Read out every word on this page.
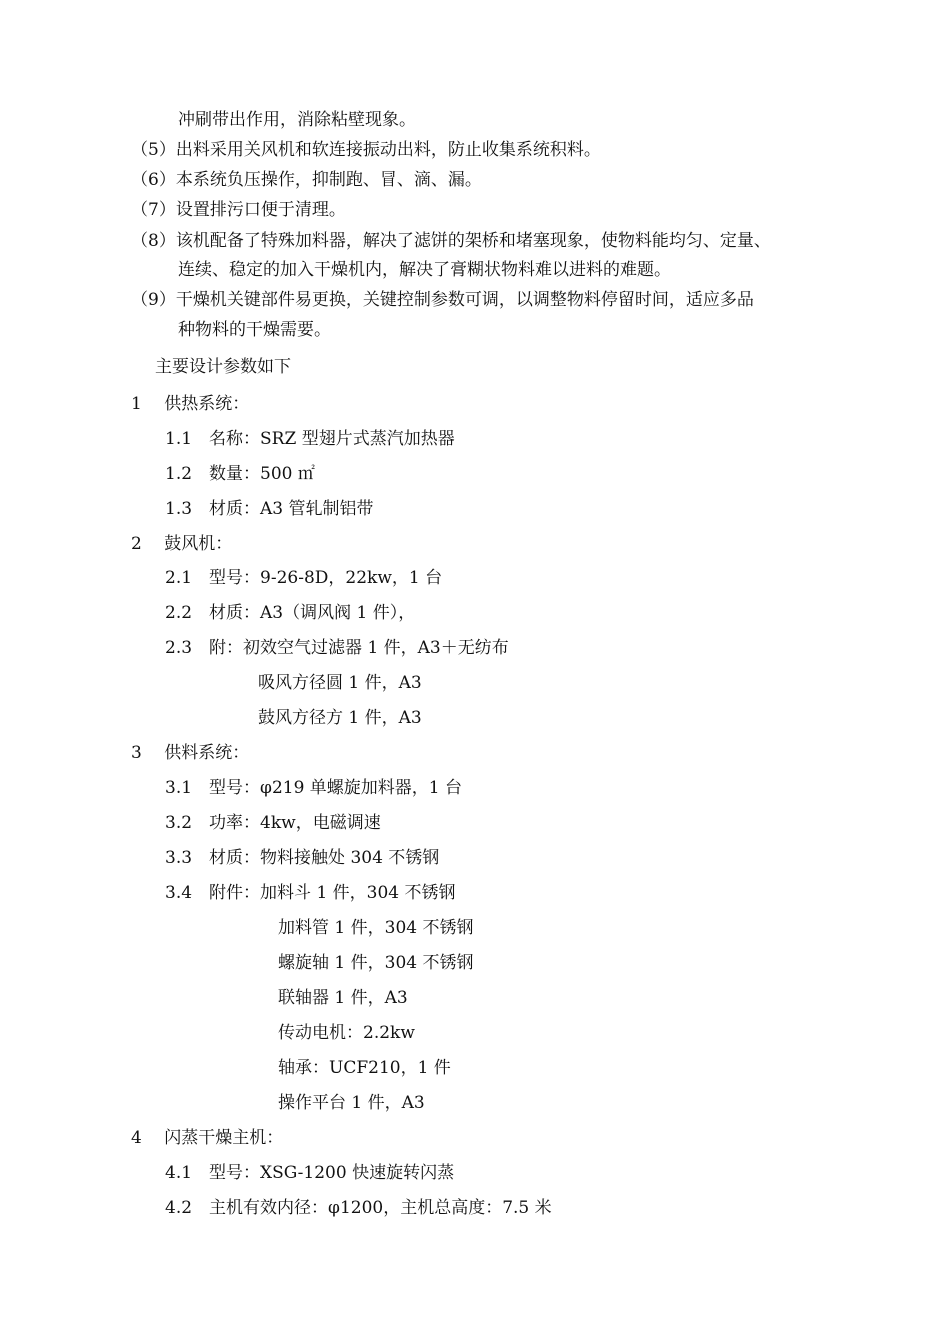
冲刷带出作用，消除粘壁现象。
（5）出料采用关风机和软连接振动出料，防止收集系统积料。
（6）本系统负压操作，抑制跑、冒、滴、漏。
（7）设置排污口便于清理。
（8）该机配备了特殊加料器，解决了滤饼的架桥和堵塞现象，使物料能均匀、定量、
连续、稳定的加入干燥机内，解决了膏糊状物料难以进料的难题。
（9）干燥机关键部件易更换，关键控制参数可调，以调整物料停留时间，适应多品
种物料的干燥需要。
主要设计参数如下
1　 供热系统：
1.1　名称：SRZ 型翅片式蒸汽加热器
1.2　数量：500 ㎡
1.3　材质：A3 管轧制铝带
2　 鼓风机：
2.1　型号：9-26-8D，22kw，1 台
2.2　材质：A3（调风阀 1 件），
2.3　附：初效空气过滤器 1 件，A3＋无纺布
吸风方径圆 1 件，A3
鼓风方径方 1 件，A3
3　 供料系统：
3.1　型号：φ219 单螺旋加料器，1 台
3.2　功率：4kw，电磁调速
3.3　材质：物料接触处 304 不锈钢
3.4　附件：加料斗 1 件，304 不锈钢
加料管 1 件，304 不锈钢
螺旋轴 1 件，304 不锈钢
联轴器 1 件，A3
传动电机：2.2kw
轴承：UCF210，1 件
操作平台 1 件，A3
4　 闪蒸干燥主机：
4.1　型号：XSG-1200 快速旋转闪蒸
4.2　主机有效内径：φ1200，主机总高度：7.5 米
